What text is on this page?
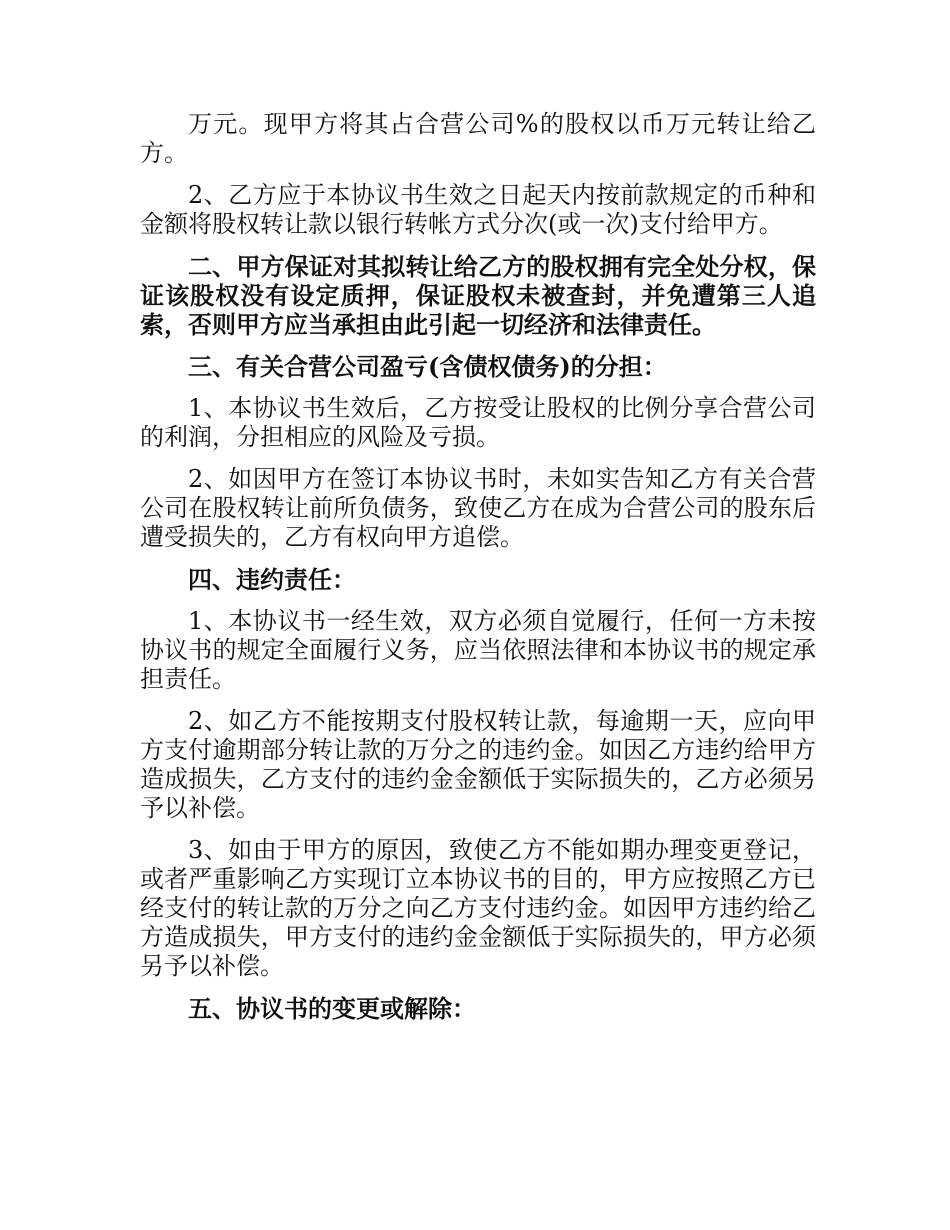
万元。现甲方将其占合营公司%的股权以币万元转让给乙方。

2、乙方应于本协议书生效之日起天内按前款规定的币种和金额将股权转让款以银行转帐方式分次(或一次)支付给甲方。

二、甲方保证对其拟转让给乙方的股权拥有完全处分权，保证该股权没有设定质押，保证股权未被查封，并免遭第三人追索，否则甲方应当承担由此引起一切经济和法律责任。

三、有关合营公司盈亏(含债权债务)的分担：

1、本协议书生效后，乙方按受让股权的比例分享合营公司的利润，分担相应的风险及亏损。

2、如因甲方在签订本协议书时，未如实告知乙方有关合营公司在股权转让前所负债务，致使乙方在成为合营公司的股东后遭受损失的，乙方有权向甲方追偿。

四、违约责任：

1、本协议书一经生效，双方必须自觉履行，任何一方未按协议书的规定全面履行义务，应当依照法律和本协议书的规定承担责任。

2、如乙方不能按期支付股权转让款，每逾期一天，应向甲方支付逾期部分转让款的万分之的违约金。如因乙方违约给甲方造成损失，乙方支付的违约金金额低于实际损失的，乙方必须另予以补偿。

3、如由于甲方的原因，致使乙方不能如期办理变更登记，或者严重影响乙方实现订立本协议书的目的，甲方应按照乙方已经支付的转让款的万分之向乙方支付违约金。如因甲方违约给乙方造成损失，甲方支付的违约金金额低于实际损失的，甲方必须另予以补偿。

五、协议书的变更或解除：
